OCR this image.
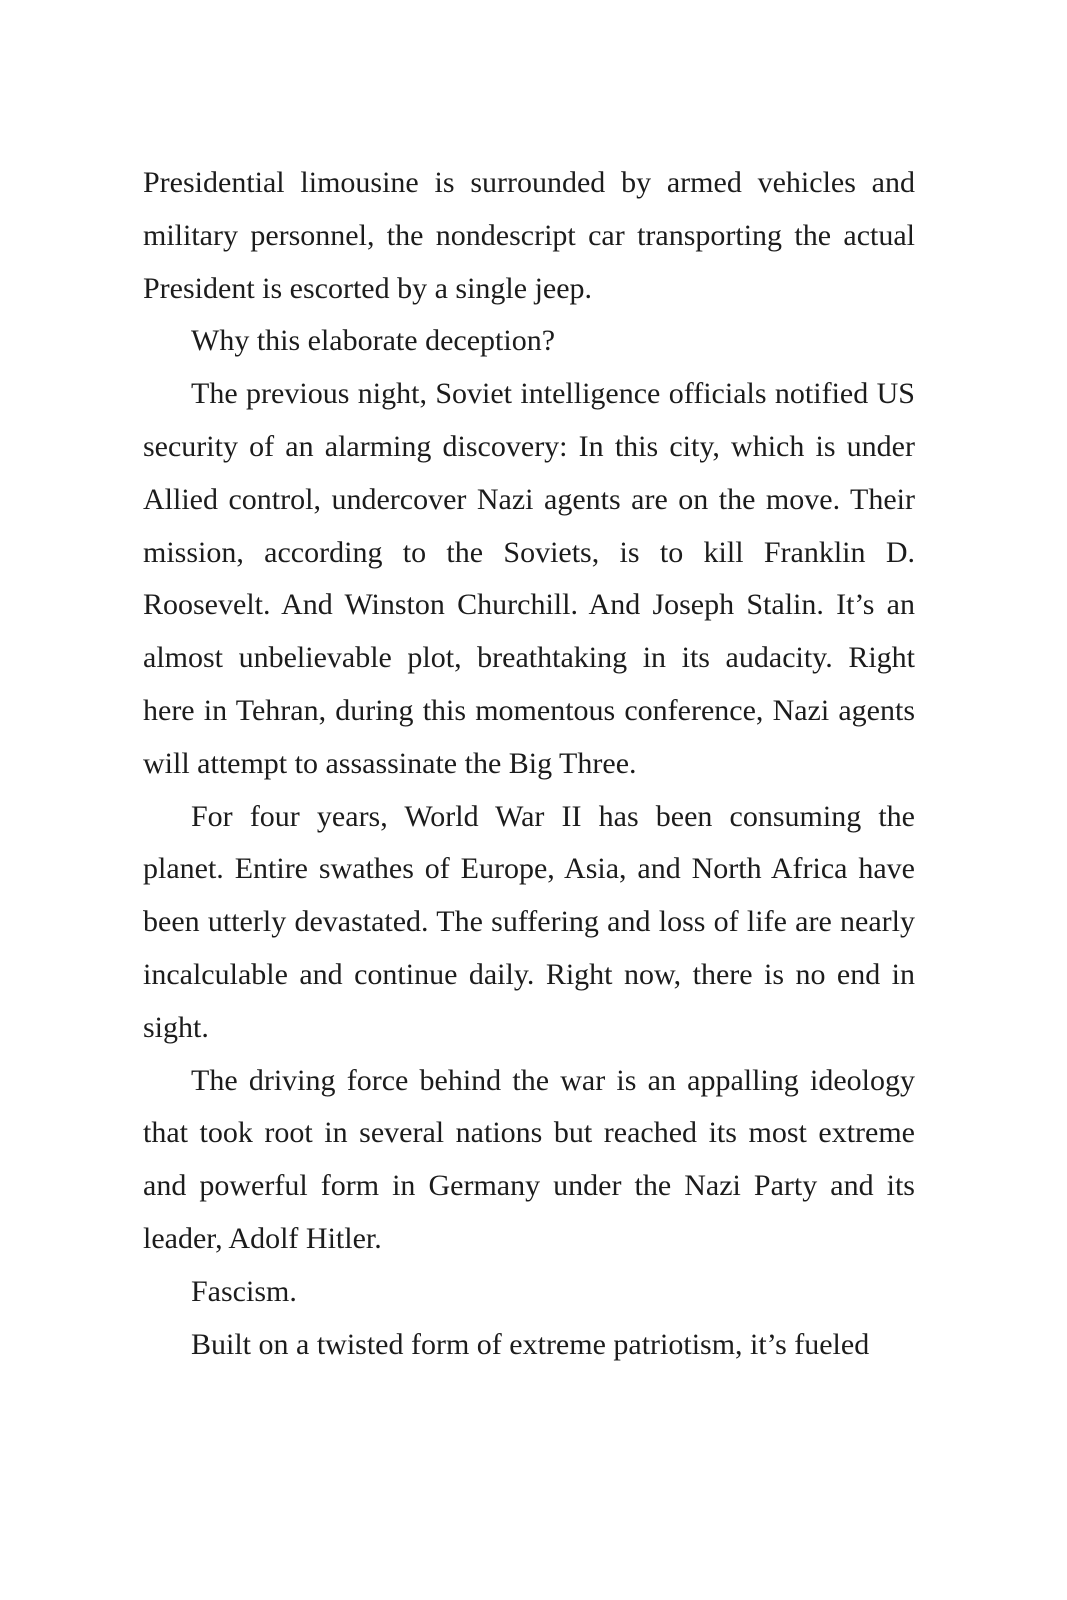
Presidential limousine is surrounded by armed vehicles and military personnel, the nondescript car transporting the actual President is escorted by a single jeep.

Why this elaborate deception?

The previous night, Soviet intelligence officials notified US security of an alarming discovery: In this city, which is under Allied control, undercover Nazi agents are on the move. Their mission, according to the Soviets, is to kill Franklin D. Roosevelt. And Winston Churchill. And Joseph Stalin. It’s an almost unbelievable plot, breathtaking in its audacity. Right here in Tehran, during this momentous conference, Nazi agents will attempt to assassinate the Big Three.

For four years, World War II has been consuming the planet. Entire swathes of Europe, Asia, and North Africa have been utterly devastated. The suffering and loss of life are nearly incalculable and continue daily. Right now, there is no end in sight.

The driving force behind the war is an appalling ideology that took root in several nations but reached its most extreme and powerful form in Germany under the Nazi Party and its leader, Adolf Hitler.

Fascism.

Built on a twisted form of extreme patriotism, it’s fueled
